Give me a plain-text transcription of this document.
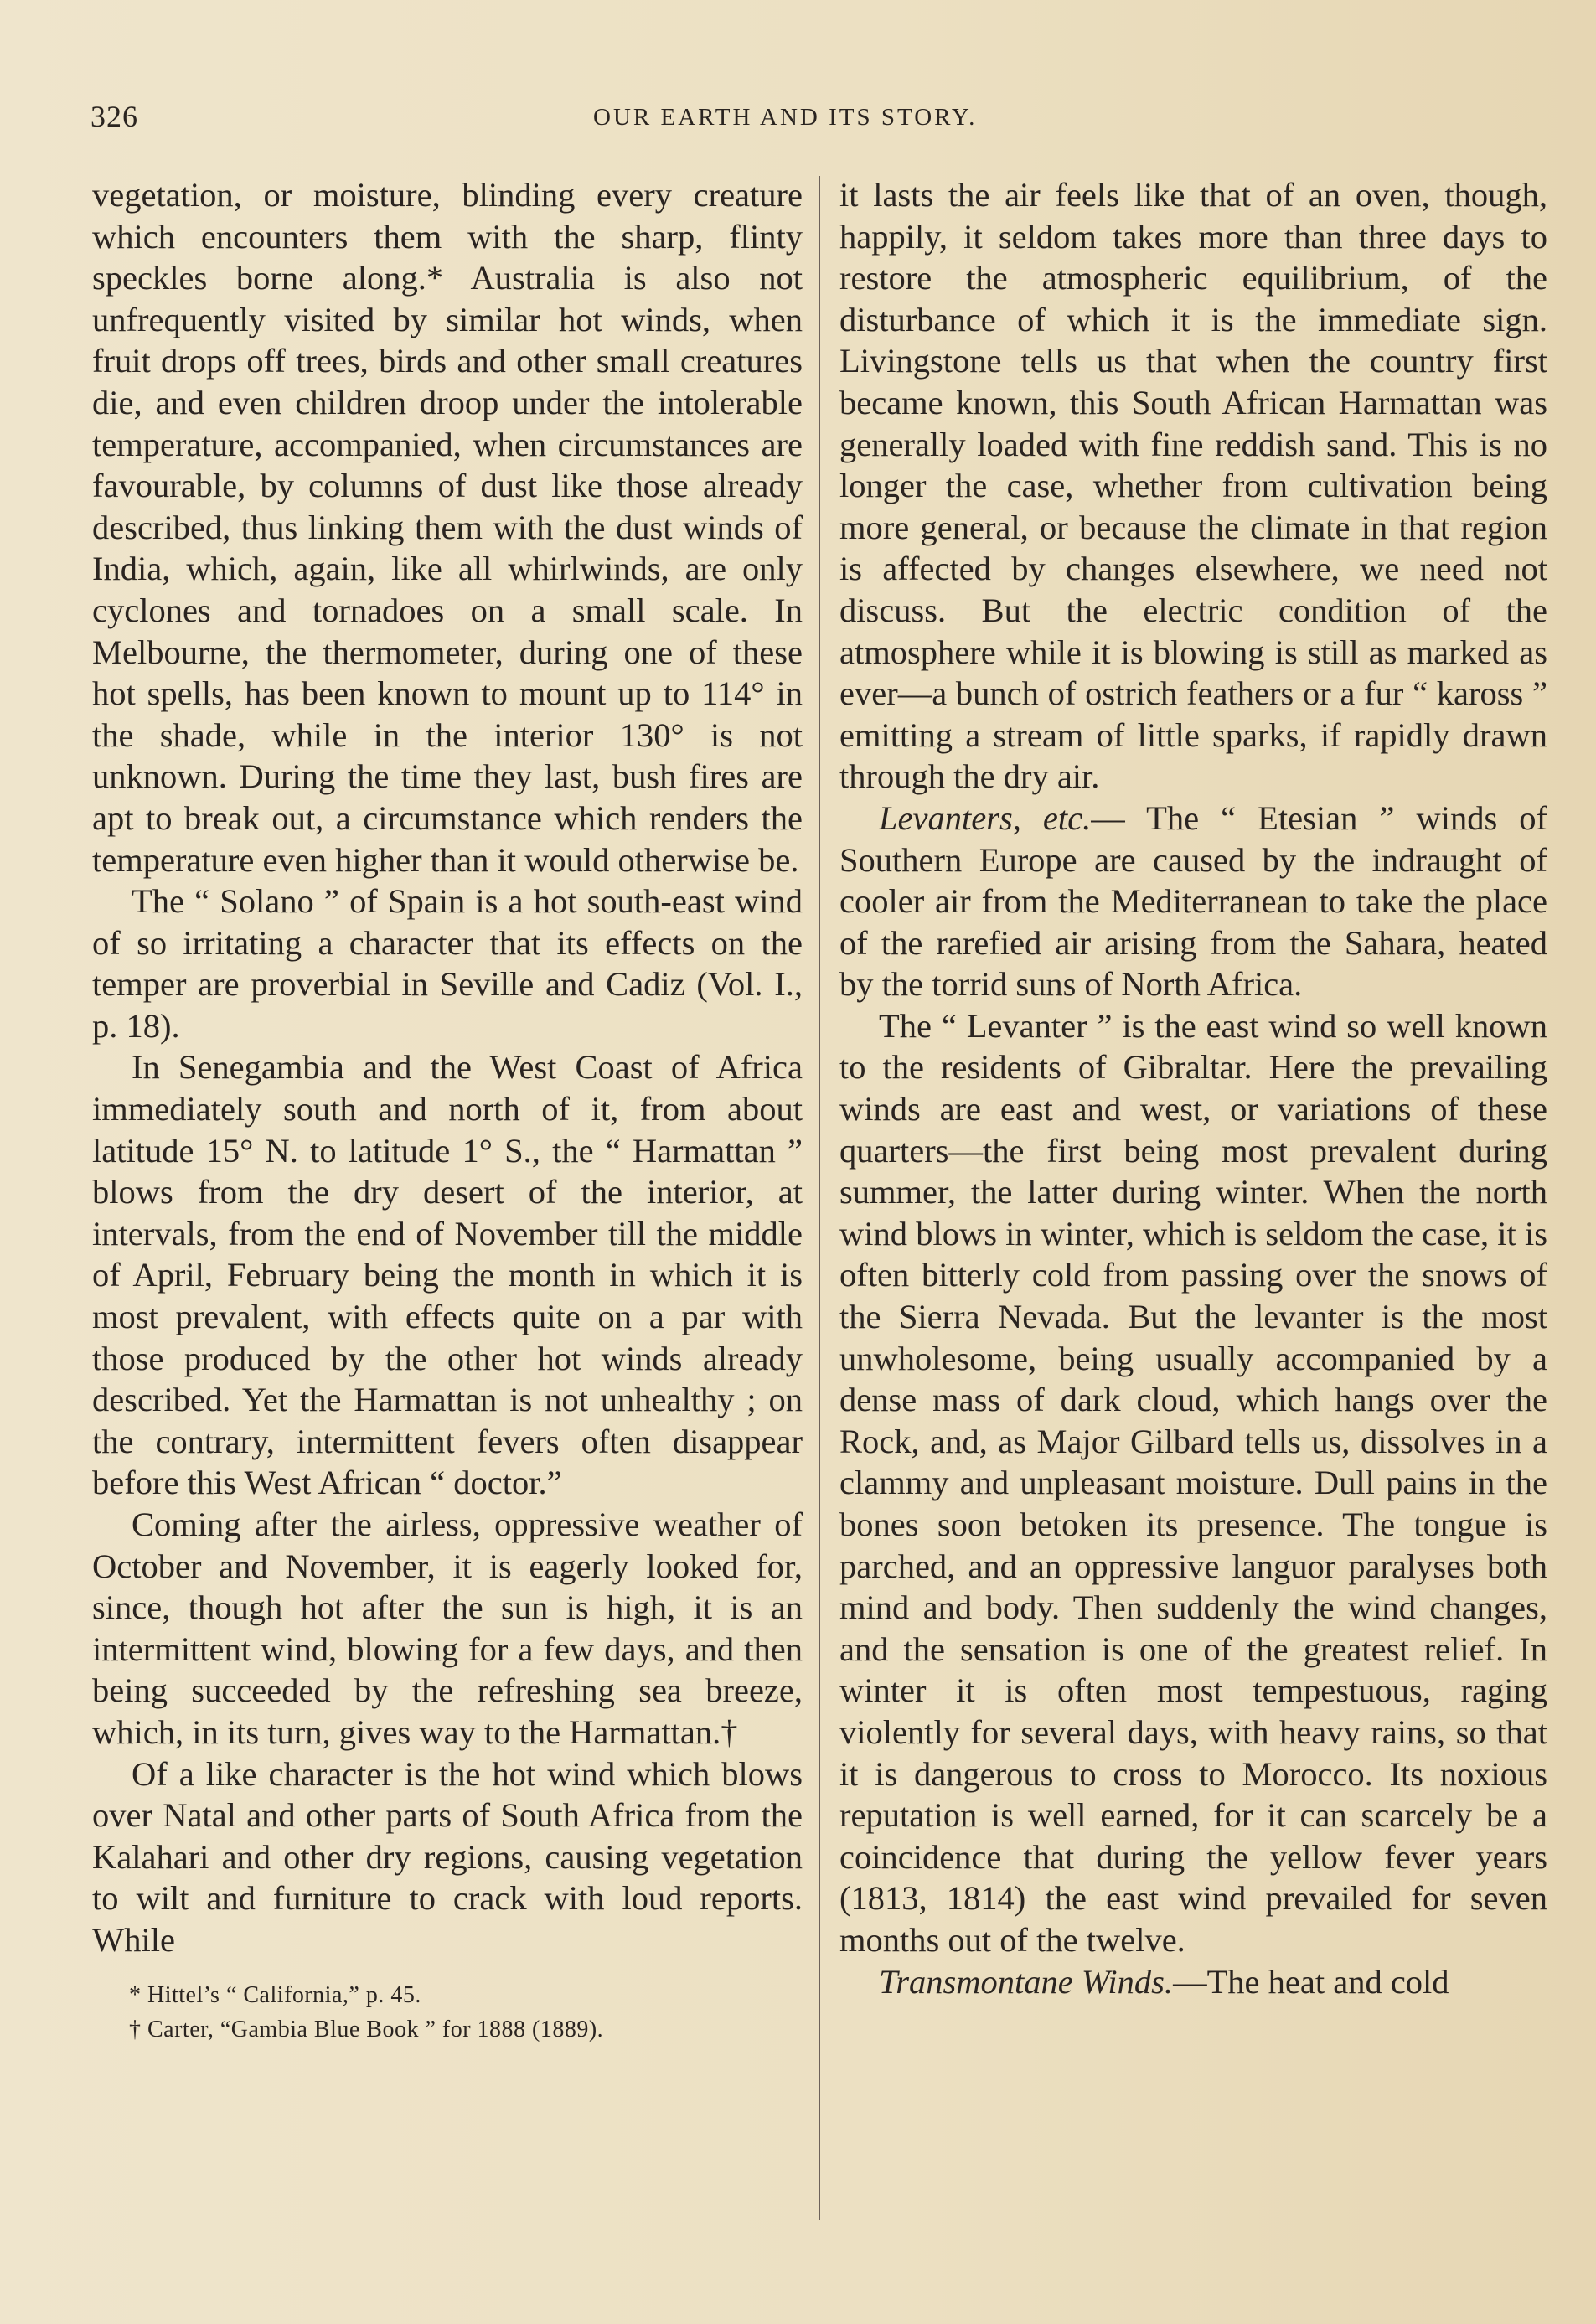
326	OUR EARTH AND ITS STORY.

vegetation, or moisture, blinding every creature which encounters them with the sharp, flinty speckles borne along.* Australia is also not unfrequently visited by similar hot winds, when fruit drops off trees, birds and other small creatures die, and even children droop under the intolerable temperature, accompanied, when circumstances are favourable, by columns of dust like those already described, thus linking them with the dust winds of India, which, again, like all whirlwinds, are only cyclones and tornadoes on a small scale. In Melbourne, the thermometer, during one of these hot spells, has been known to mount up to 114° in the shade, while in the interior 130° is not unknown. During the time they last, bush fires are apt to break out, a circumstance which renders the temperature even higher than it would otherwise be.

The “ Solano ” of Spain is a hot south-east wind of so irritating a character that its effects on the temper are proverbial in Seville and Cadiz (Vol. I., p. 18).

In Senegambia and the West Coast of Africa immediately south and north of it, from about latitude 15° N. to latitude 1° S., the “ Harmattan ” blows from the dry desert of the interior, at intervals, from the end of November till the middle of April, February being the month in which it is most prevalent, with effects quite on a par with those produced by the other hot winds already described. Yet the Harmattan is not unhealthy ; on the contrary, intermittent fevers often disappear before this West African “ doctor.”

Coming after the airless, oppressive weather of October and November, it is eagerly looked for, since, though hot after the sun is high, it is an intermittent wind, blowing for a few days, and then being succeeded by the refreshing sea breeze, which, in its turn, gives way to the Harmattan.†

Of a like character is the hot wind which blows over Natal and other parts of South Africa from the Kalahari and other dry regions, causing vegetation to wilt and furniture to crack with loud reports. While

* Hittel’s “ California,” p. 45.
† Carter, “Gambia Blue Book ” for 1888 (1889).

it lasts the air feels like that of an oven, though, happily, it seldom takes more than three days to restore the atmospheric equilibrium, of the disturbance of which it is the immediate sign. Livingstone tells us that when the country first became known, this South African Harmattan was generally loaded with fine reddish sand. This is no longer the case, whether from cultivation being more general, or because the climate in that region is affected by changes elsewhere, we need not discuss. But the electric condition of the atmosphere while it is blowing is still as marked as ever—a bunch of ostrich feathers or a fur “ kaross ” emitting a stream of little sparks, if rapidly drawn through the dry air.

Levanters, etc.— The “ Etesian ” winds of Southern Europe are caused by the indraught of cooler air from the Mediterranean to take the place of the rarefied air arising from the Sahara, heated by the torrid suns of North Africa.

The “ Levanter ” is the east wind so well known to the residents of Gibraltar. Here the prevailing winds are east and west, or variations of these quarters—the first being most prevalent during summer, the latter during winter. When the north wind blows in winter, which is seldom the case, it is often bitterly cold from passing over the snows of the Sierra Nevada. But the levanter is the most unwholesome, being usually accompanied by a dense mass of dark cloud, which hangs over the Rock, and, as Major Gilbard tells us, dissolves in a clammy and unpleasant moisture. Dull pains in the bones soon betoken its presence. The tongue is parched, and an oppressive languor paralyses both mind and body. Then suddenly the wind changes, and the sensation is one of the greatest relief. In winter it is often most tempestuous, raging violently for several days, with heavy rains, so that it is dangerous to cross to Morocco. Its noxious reputation is well earned, for it can scarcely be a coincidence that during the yellow fever years (1813, 1814) the east wind prevailed for seven months out of the twelve.

Transmontane Winds.—The heat and cold
